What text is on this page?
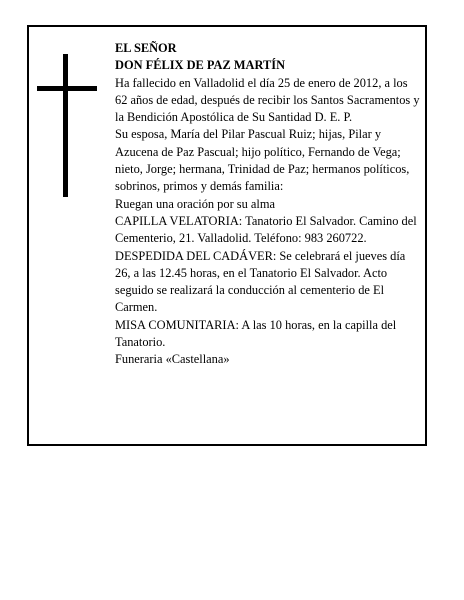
EL SEÑOR

DON FÉLIX DE PAZ MARTÍN

Ha fallecido en Valladolid el día 25 de enero de 2012, a los 62 años de edad, después de recibir los Santos Sacramentos y la Bendición Apostólica de Su Santidad D. E. P.

Su esposa, María del Pilar Pascual Ruiz; hijas, Pilar y Azucena de Paz Pascual; hijo político, Fernando de Vega; nieto, Jorge; hermana, Trinidad de Paz; hermanos políticos, sobrinos, primos y demás familia:

Ruegan una oración por su alma

CAPILLA VELATORIA: Tanatorio El Salvador. Camino del Cementerio, 21. Valladolid. Teléfono: 983 260722.

DESPEDIDA DEL CADÁVER: Se celebrará el jueves día 26, a las 12.45 horas, en el Tanatorio El Salvador. Acto seguido se realizará la conducción al cementerio de El Carmen.

MISA COMUNITARIA: A las 10 horas, en la capilla del Tanatorio.

Funeraria «Castellana»
